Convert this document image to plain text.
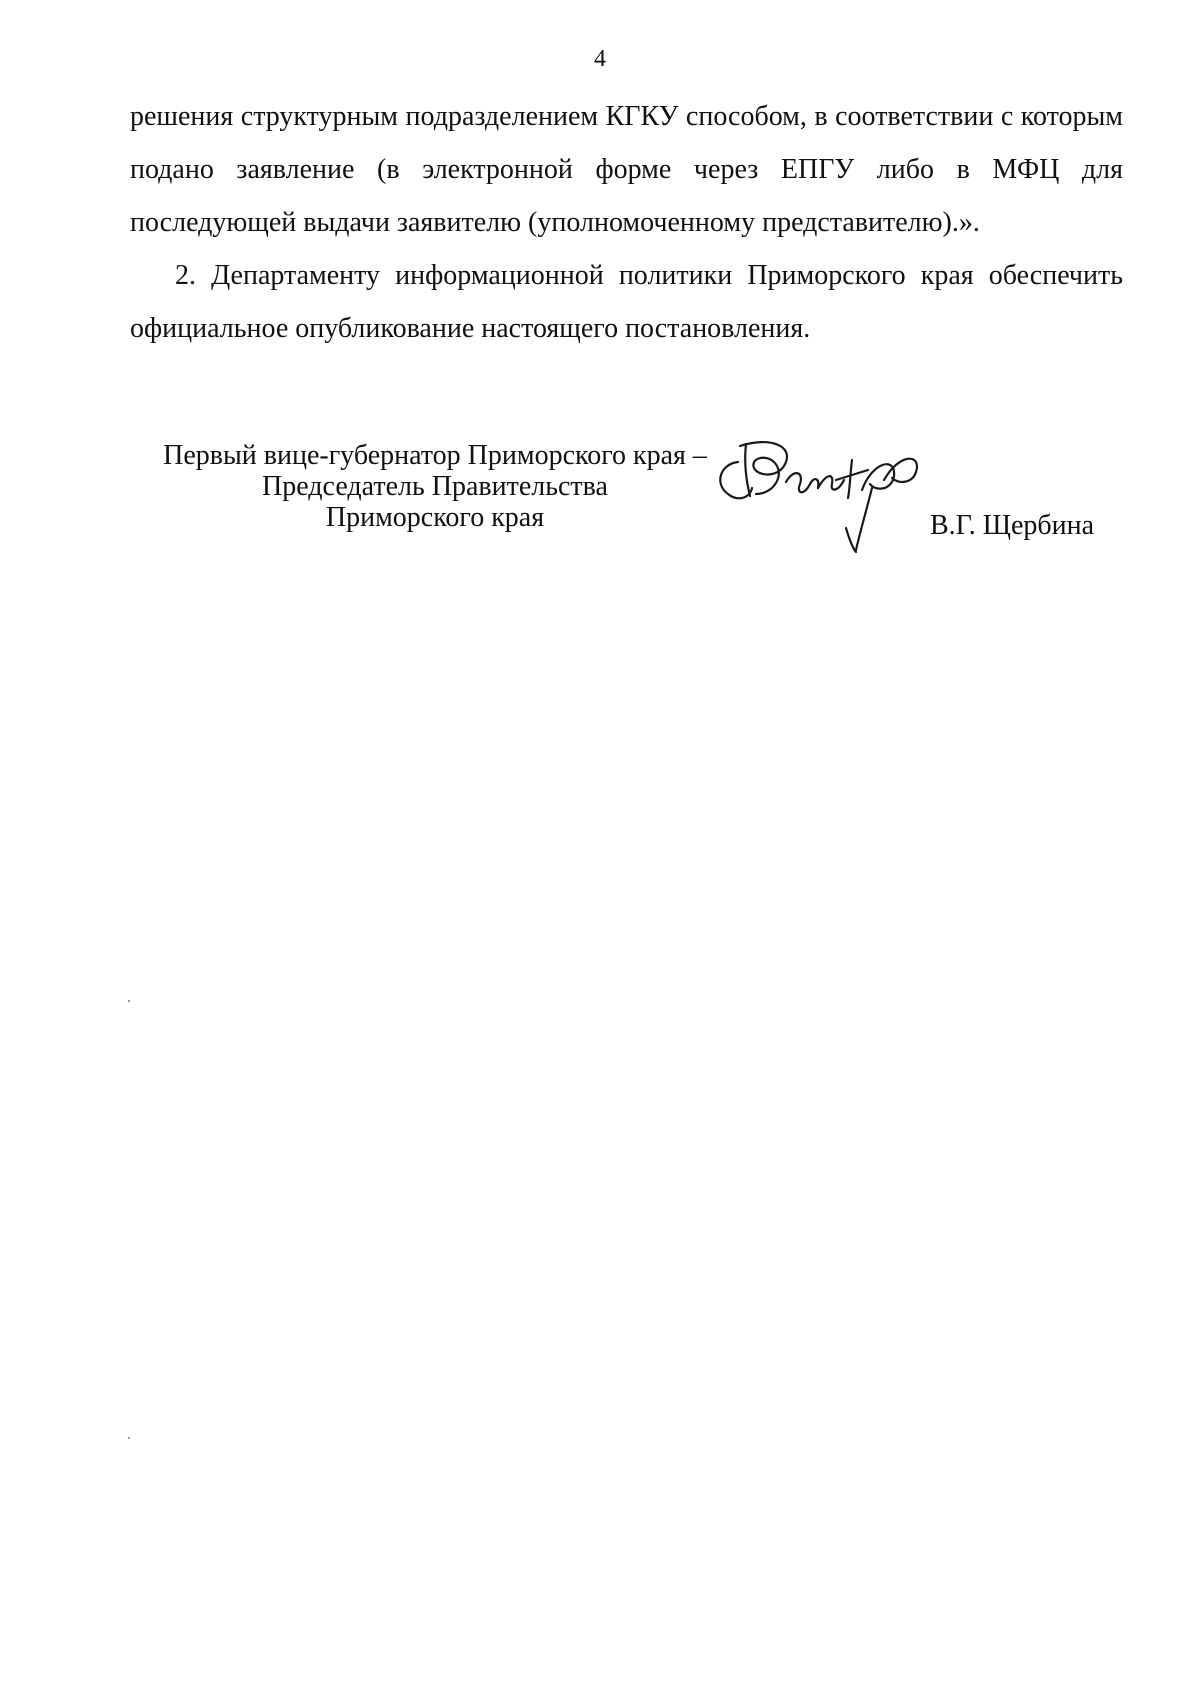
4

решения структурным подразделением КГКУ способом, в соответствии с которым подано заявление (в электронной форме через ЕПГУ либо в МФЦ для последующей выдачи заявителю (уполномоченному представителю).».

2. Департаменту информационной политики Приморского края обеспечить официальное опубликование настоящего постановления.

Первый вице-губернатор Приморского края –
Председатель Правительства
Приморского края	В.Г. Щербина
